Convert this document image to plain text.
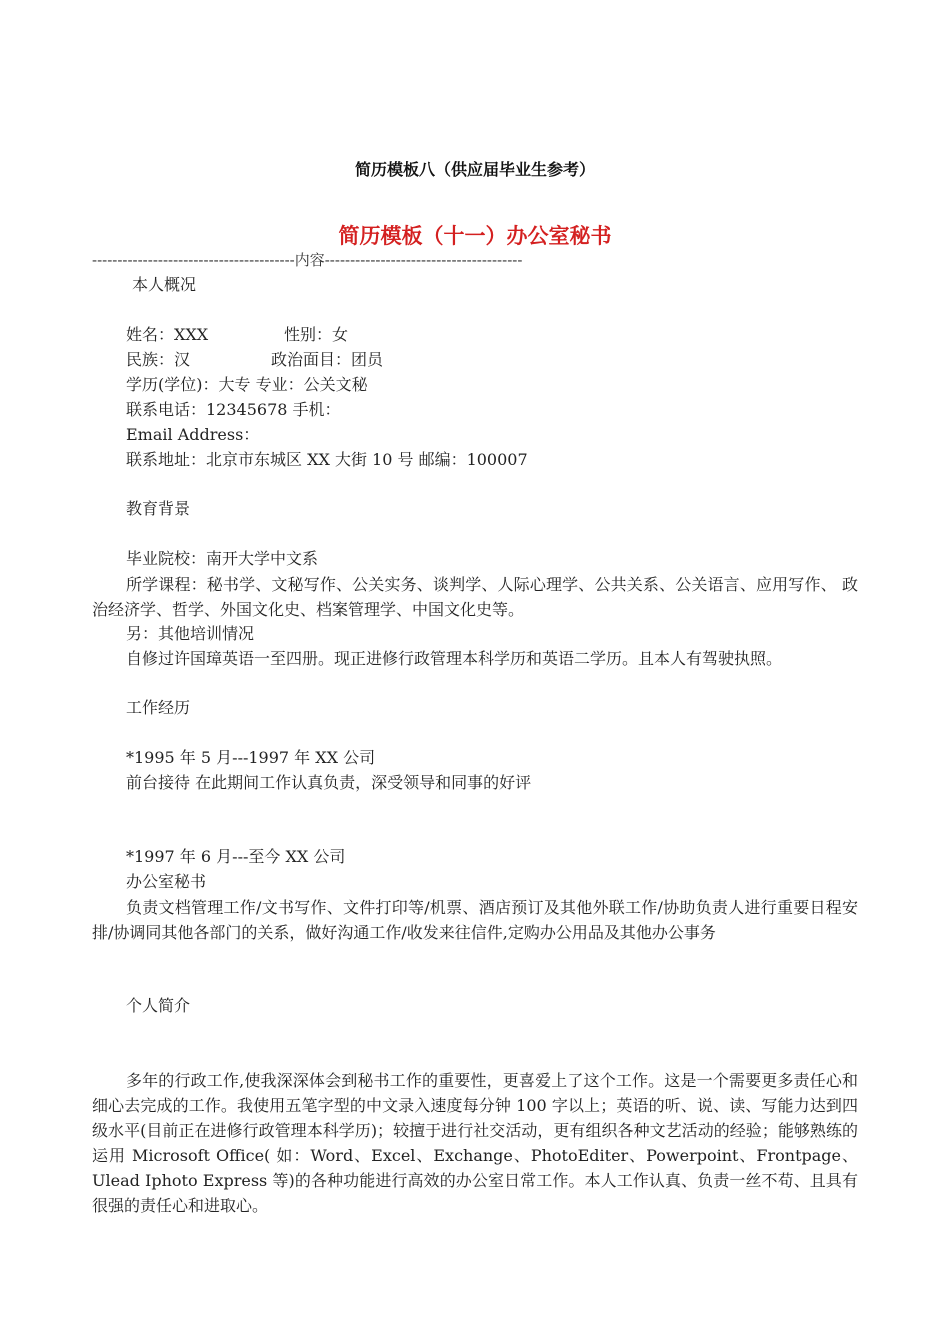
简历模板八（供应届毕业生参考）
简历模板（十一）办公室秘书
----------------------------------------内容---------------------------------------
本人概况
姓名：XXX	性别：女
民族：汉	政治面目：团员
学历(学位)：大专 专业：公关文秘
联系电话：12345678 手机：
Email Address：
联系地址：北京市东城区 XX 大街 10 号 邮编：100007
教育背景
毕业院校：南开大学中文系
所学课程：秘书学、文秘写作、公关实务、谈判学、人际心理学、公共关系、公关语言、应用写作、 政治经济学、哲学、外国文化史、档案管理学、中国文化史等。
另：其他培训情况
自修过许国璋英语一至四册。现正进修行政管理本科学历和英语二学历。且本人有驾驶执照。
工作经历
*1995 年 5 月---1997 年 XX 公司
前台接待 在此期间工作认真负责，深受领导和同事的好评
*1997 年 6 月---至今 XX 公司
办公室秘书
负责文档管理工作/文书写作、文件打印等/机票、酒店预订及其他外联工作/协助负责人进行重要日程安排/协调同其他各部门的关系，做好沟通工作/收发来往信件,定购办公用品及其他办公事务
个人简介
多年的行政工作,使我深深体会到秘书工作的重要性，更喜爱上了这个工作。这是一个需要更多责任心和细心去完成的工作。我使用五笔字型的中文录入速度每分钟 100 字以上；英语的听、说、读、写能力达到四级水平(目前正在进修行政管理本科学历)；较擅于进行社交活动，更有组织各种文艺活动的经验；能够熟练的运用 Microsoft Office( 如：Word、Excel、Exchange、PhotoEditer、Powerpoint、Frontpage、Ulead Iphoto Express 等)的各种功能进行高效的办公室日常工作。本人工作认真、负责一丝不苟、且具有很强的责任心和进取心。
